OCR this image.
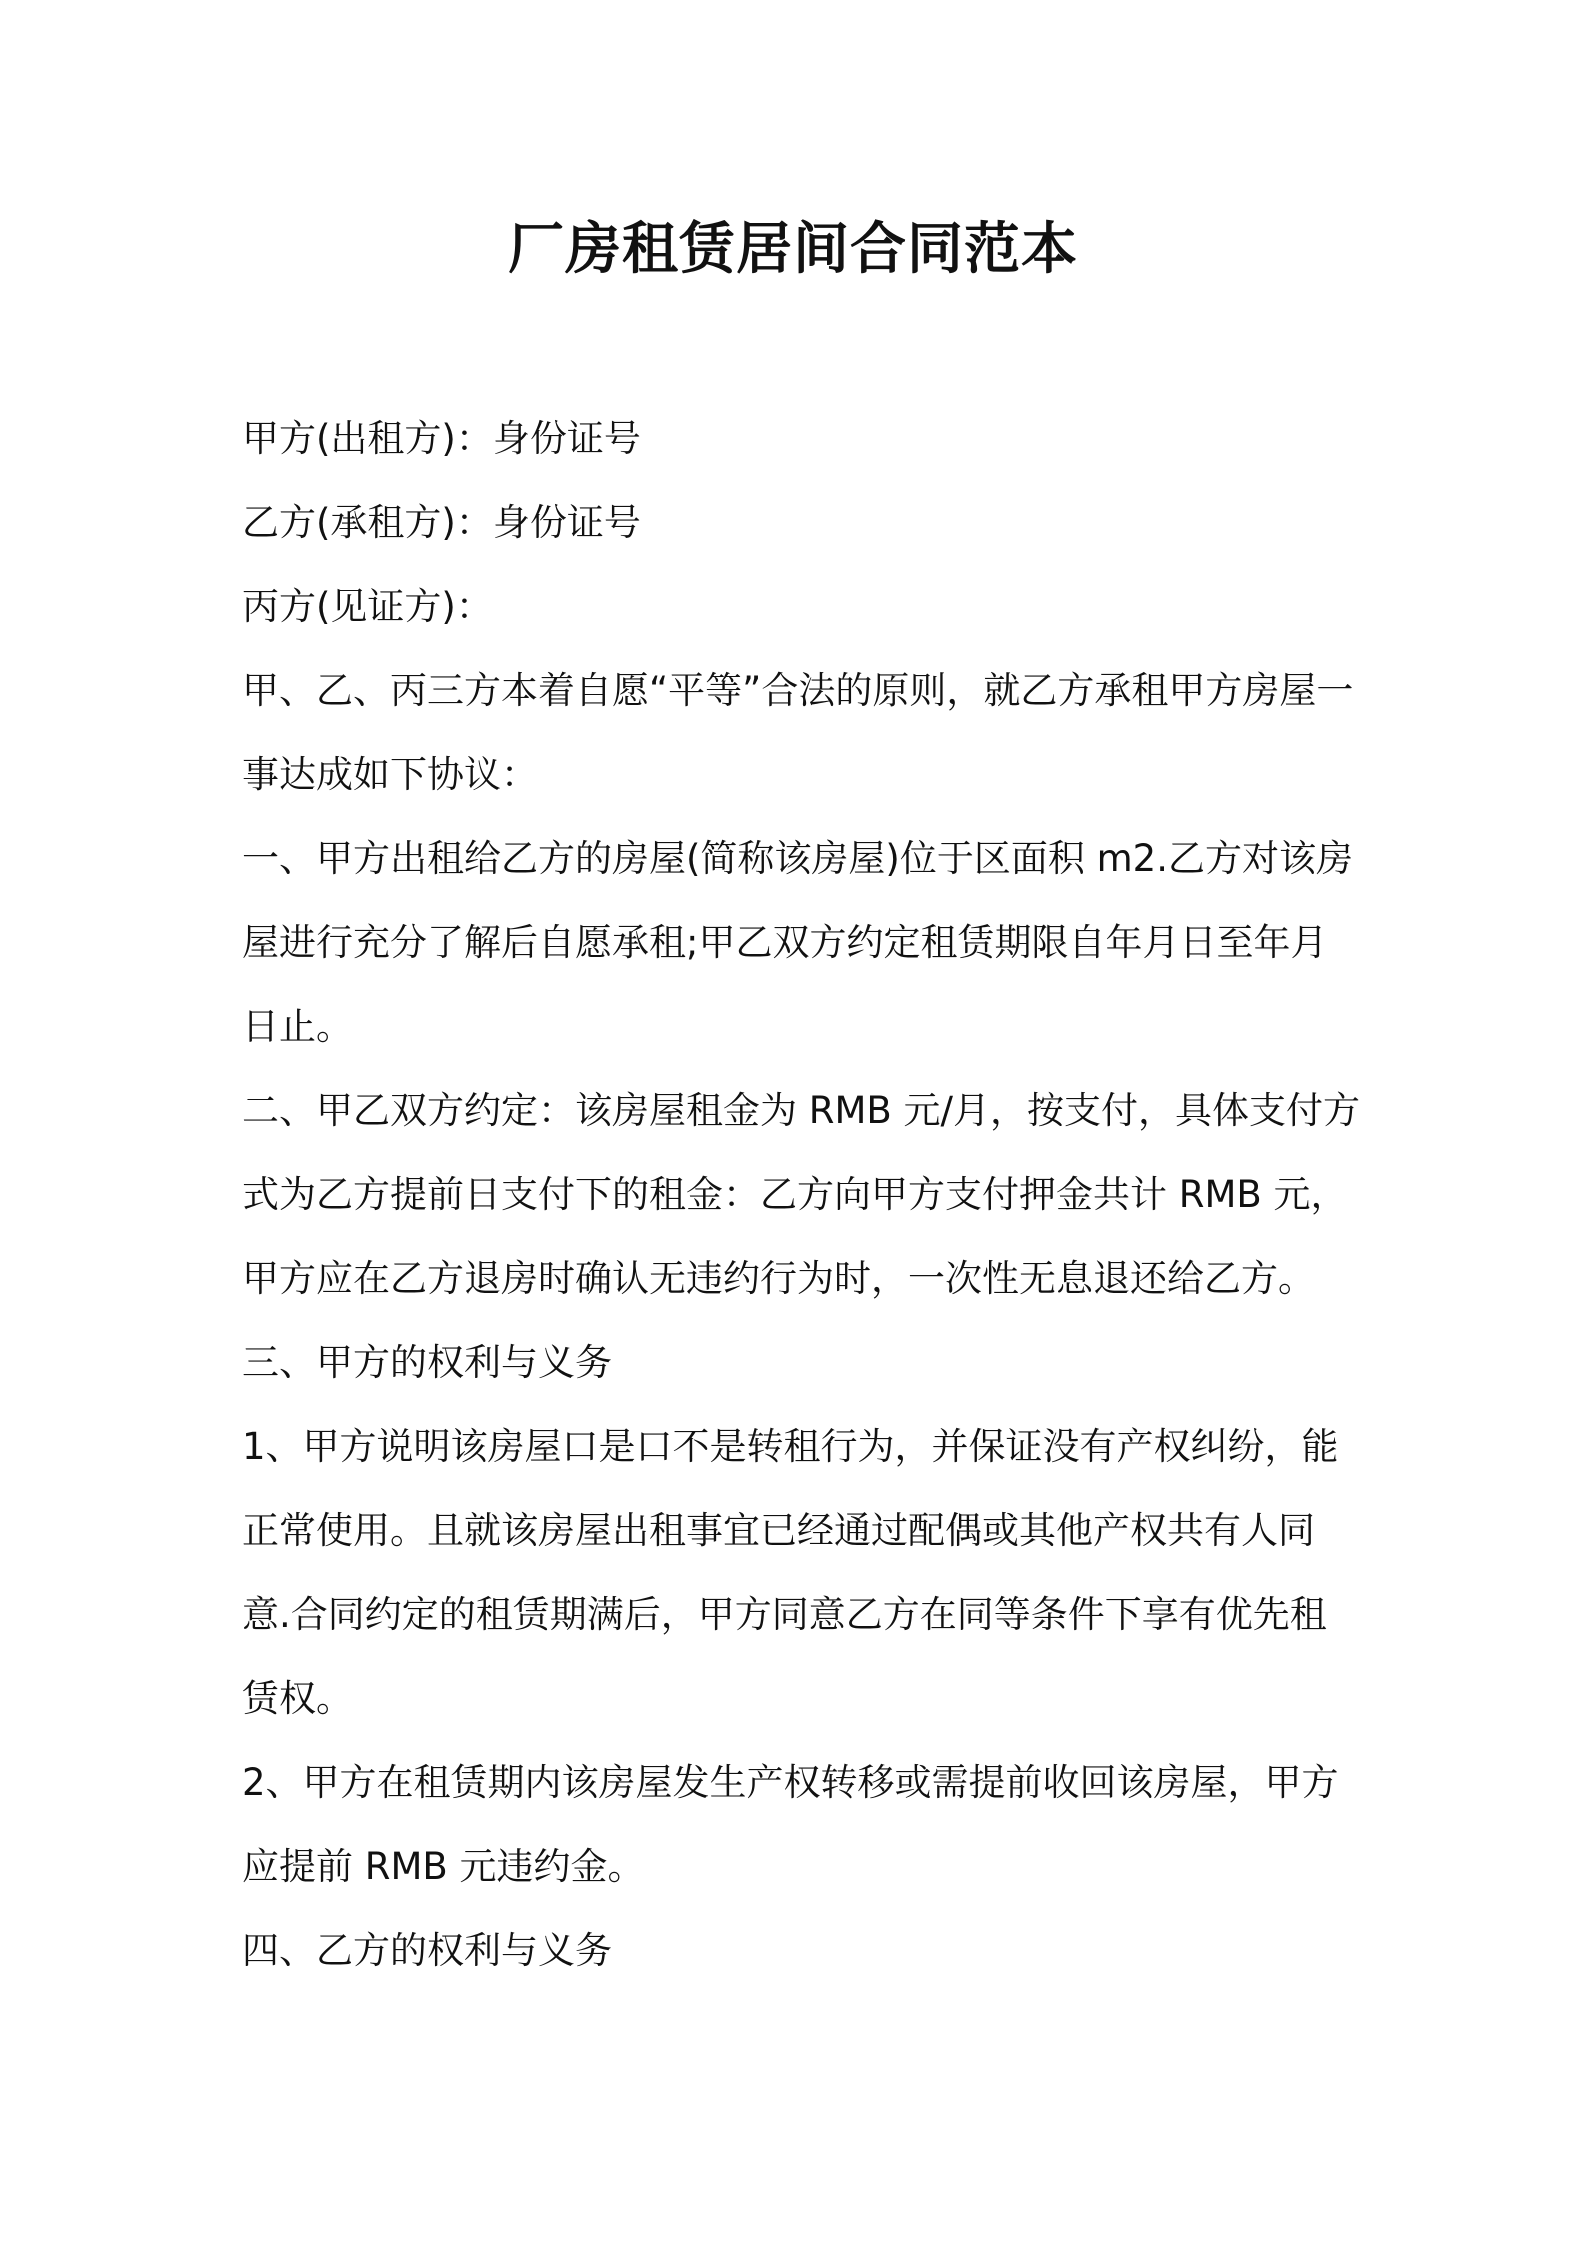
厂房租赁居间合同范本

甲方(出租方)：身份证号

乙方(承租方)：身份证号

丙方(见证方)：

甲、乙、丙三方本着自愿“平等”合法的原则，就乙方承租甲方房屋一事达成如下协议：

一、甲方出租给乙方的房屋(简称该房屋)位于区面积 m2.乙方对该房屋进行充分了解后自愿承租;甲乙双方约定租赁期限自年月日至年月日止。

二、甲乙双方约定：该房屋租金为 RMB 元/月，按支付，具体支付方式为乙方提前日支付下的租金：乙方向甲方支付押金共计 RMB 元，甲方应在乙方退房时确认无违约行为时，一次性无息退还给乙方。

三、甲方的权利与义务

1、甲方说明该房屋口是口不是转租行为，并保证没有产权纠纷，能正常使用。且就该房屋出租事宜已经通过配偶或其他产权共有人同意.合同约定的租赁期满后，甲方同意乙方在同等条件下享有优先租赁权。

2、甲方在租赁期内该房屋发生产权转移或需提前收回该房屋，甲方应提前 RMB 元违约金。

四、乙方的权利与义务
